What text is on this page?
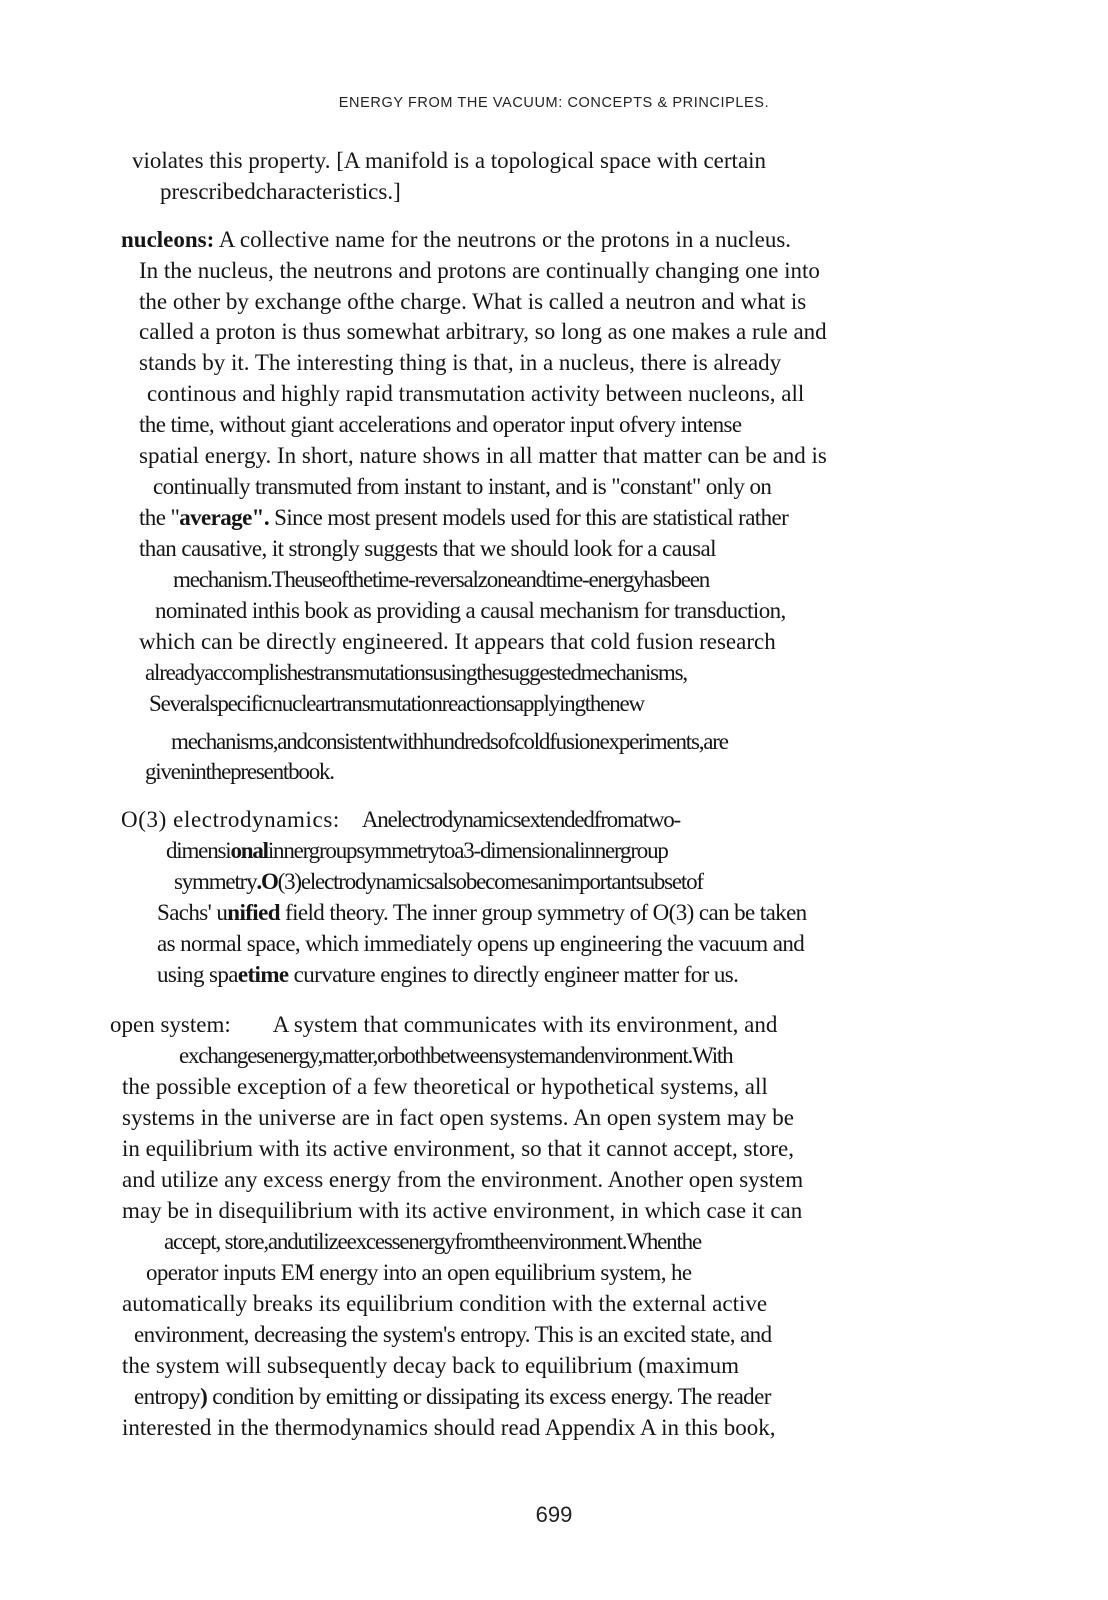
ENERGY FROM THE VACUUM: CONCEPTS & PRINCIPLES.
violates this property. [A manifold is a topological space with certain
prescribedcharacteristics.]
nucleons: A collective name for the neutrons or the protons in a nucleus.
In the nucleus, the neutrons and protons are continually changing one into
the other by exchange ofthe charge. What is called a neutron and what is
called a proton is thus somewhat arbitrary, so long as one makes a rule and
stands by it. The interesting thing is that, in a nucleus, there is already
continous and highly rapid transmutation activity between nucleons, all
the time, without giant accelerations and operator input ofvery intense
spatial energy. In short, nature shows in all matter that matter can be and is
continually transmuted from instant to instant, and is "constant" only on
the "average". Since most present models used for this are statistical rather
than causative, it strongly suggests that we should look for a causal
mechanism.Theuseofthetime-reversalzoneandtime-energyhasbeen
nominated inthis book as providing a causal mechanism for transduction,
which can be directly engineered. It appears that cold fusion research
alreadyaccomplishestransmutationsusingthesuggestedmechanisms,
Severalspecificnucleartransmutationreactionsapplyingthenew
mechanisms,andconsistentwithhundredsofcoldfusionexperiments,are
giveninthepresentbook.
O(3) electrodynamics: Anelectrodynamicsextendedfromatwo-
dimensionalinnergroupsymmetrytoa3-dimensionalinnergroup
symmetry.O(3)electrodynamicsalsobecomesanimportantsubsetof
Sachs' unified field theory. The inner group symmetry of O(3) can be taken
as normal space, which immediately opens up engineering the vacuum and
using spaetime curvature engines to directly engineer matter for us.
open system: A system that communicates with its environment, and
exchangesenergy,matter,orbothbetweensystemandenvironment.With
the possible exception of a few theoretical or hypothetical systems, all
systems in the universe are in fact open systems. An open system may be
in equilibrium with its active environment, so that it cannot accept, store,
and utilize any excess energy from the environment. Another open system
may be in disequilibrium with its active environment, in which case it can
accept, store,andutilizeexcessenergyfromtheenvironment.Whenthe
operator inputs EM energy into an open equilibrium system, he
automatically breaks its equilibrium condition with the external active
environment, decreasing the system's entropy. This is an excited state, and
the system will subsequently decay back to equilibrium (maximum
entropy) condition by emitting or dissipating its excess energy. The reader
interested in the thermodynamics should read Appendix A in this book,
699
